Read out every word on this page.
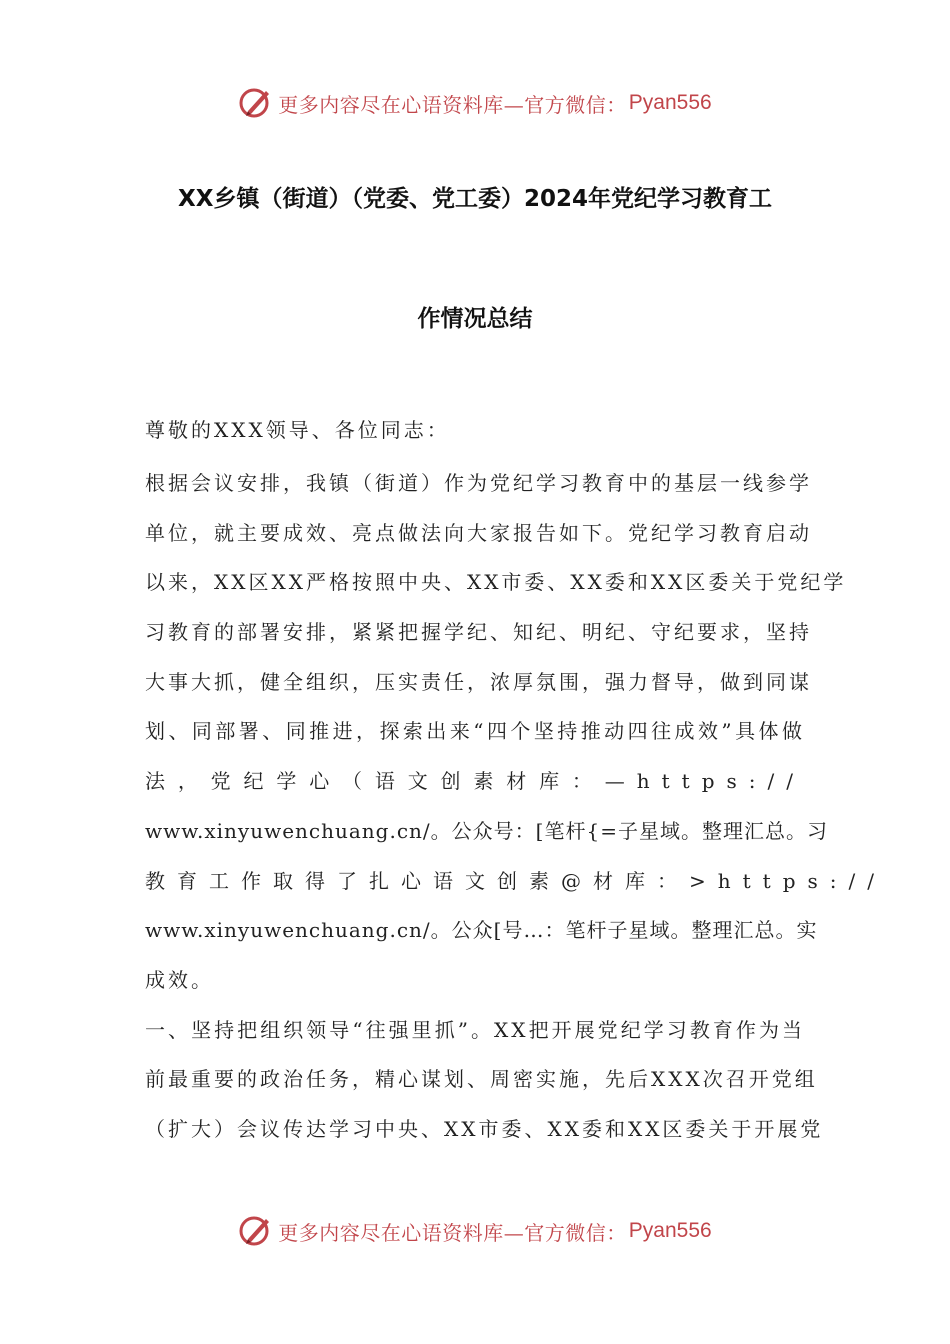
更多内容尽在心语资料库—官方微信： Pyan556
XX乡镇（街道）（党委、党工委）2024年党纪学习教育工
作情况总结
尊敬的XXX领导、各位同志：
根据会议安排，我镇（街道）作为党纪学习教育中的基层一线参学
单位，就主要成效、亮点做法向大家报告如下。党纪学习教育启动
以来，XX区XX严格按照中央、XX市委、XX委和XX区委关于党纪学
习教育的部署安排，紧紧把握学纪、知纪、明纪、守纪要求，坚持
大事大抓，健全组织，压实责任，浓厚氛围，强力督导，做到同谋
划、同部署、同推进，探索出来“四个坚持推动四往成效”具体做
法，党纪学心（语文创素材库：—https://
www.xinyuwenchuang.cn/。公众号：[笔杆{=子星域。整理汇总。习
教育工作取得了扎心语文创素@材库：>https://
www.xinyuwenchuang.cn/。公众[号…：笔杆子星域。整理汇总。实
成效。
一、坚持把组织领导“往强里抓”。XX把开展党纪学习教育作为当
前最重要的政治任务，精心谋划、周密实施，先后XXX次召开党组
（扩大）会议传达学习中央、XX市委、XX委和XX区委关于开展党
更多内容尽在心语资料库—官方微信： Pyan556
